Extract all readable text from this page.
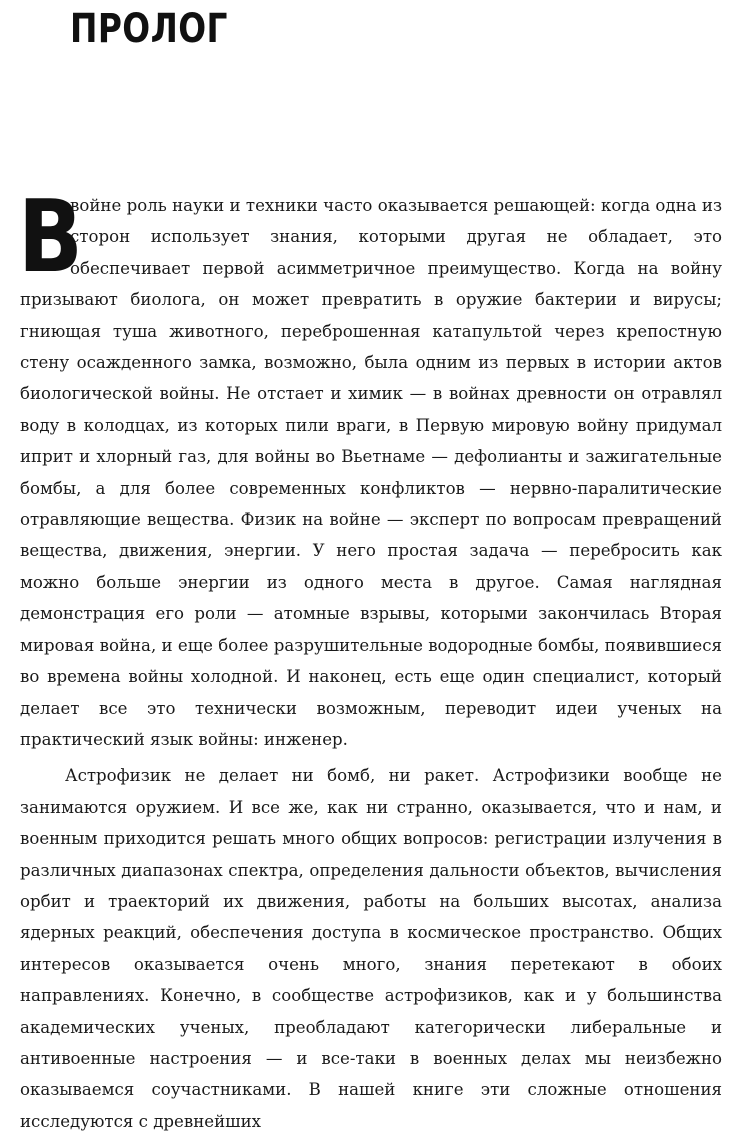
ПРОЛОГ

В
войне роль науки и техники часто оказывается решающей: когда одна из сторон использует знания, которыми другая не обладает, это обеспечивает первой асимметричное преимущество. Когда на войну призывают биолога, он может превратить в оружие бактерии и вирусы; гниющая туша животного, переброшенная катапультой через крепостную стену осажденного замка, возможно, была одним из первых в истории актов биологической войны. Не отстает и химик — в войнах древности он отравлял воду в колодцах, из которых пили враги, в Первую мировую войну придумал иприт и хлорный газ, для войны во Вьетнаме — дефолианты и зажигательные бомбы, а для более современных конфликтов — нервно-паралитические отравляющие вещества. Физик на войне — эксперт по вопросам превращений вещества, движения, энергии. У него простая задача — перебросить как можно больше энергии из одного места в другое. Самая наглядная демонстрация его роли — атомные взрывы, которыми закончилась Вторая мировая война, и еще более разрушительные водородные бомбы, появившиеся во времена войны холодной. И наконец, есть еще один специалист, который делает все это технически возможным, переводит идеи ученых на практический язык войны: инженер.

Астрофизик не делает ни бомб, ни ракет. Астрофизики вообще не занимаются оружием. И все же, как ни странно, оказывается, что и нам, и военным приходится решать много общих вопросов: регистрации излучения в различных диапазонах спектра, определения дальности объектов, вычисления орбит и траекторий их движения, работы на больших высотах, анализа ядерных реакций, обеспечения доступа в космическое пространство. Общих интересов оказывается очень много, знания перетекают в обоих направлениях. Конечно, в сообществе астрофизиков, как и у большинства академических ученых, преобладают категорически либеральные и антивоенные настроения — и все-таки в военных делах мы неизбежно оказываемся соучастниками. В нашей книге эти сложные отношения исследуются с древнейших
